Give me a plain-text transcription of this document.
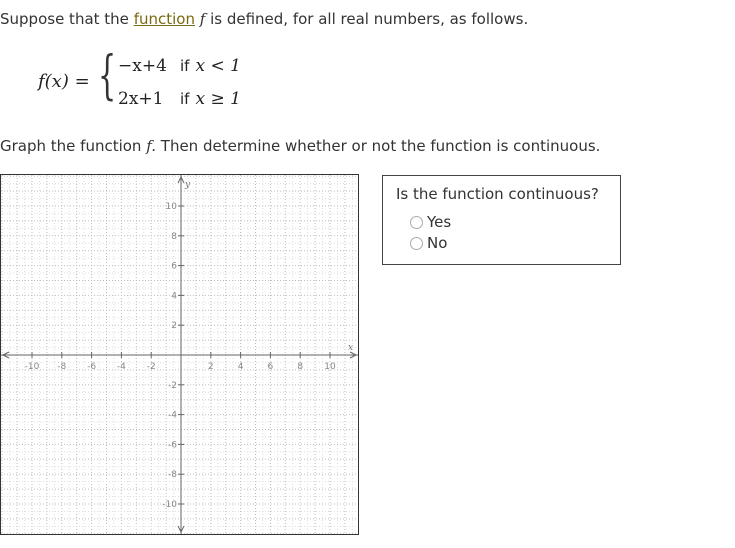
Suppose that the function f is defined, for all real numbers, as follows.
f(x) = { −x+4 if x < 1
2x+1 if x ≥ 1
Graph the function f. Then determine whether or not the function is continuous.
x
y
-10 -8 -6 -4 -2	2	4	6	8 10
10
8
6
4
2
-2
-4
-6
-8
-10
Is the function continuous?
Yes
No
